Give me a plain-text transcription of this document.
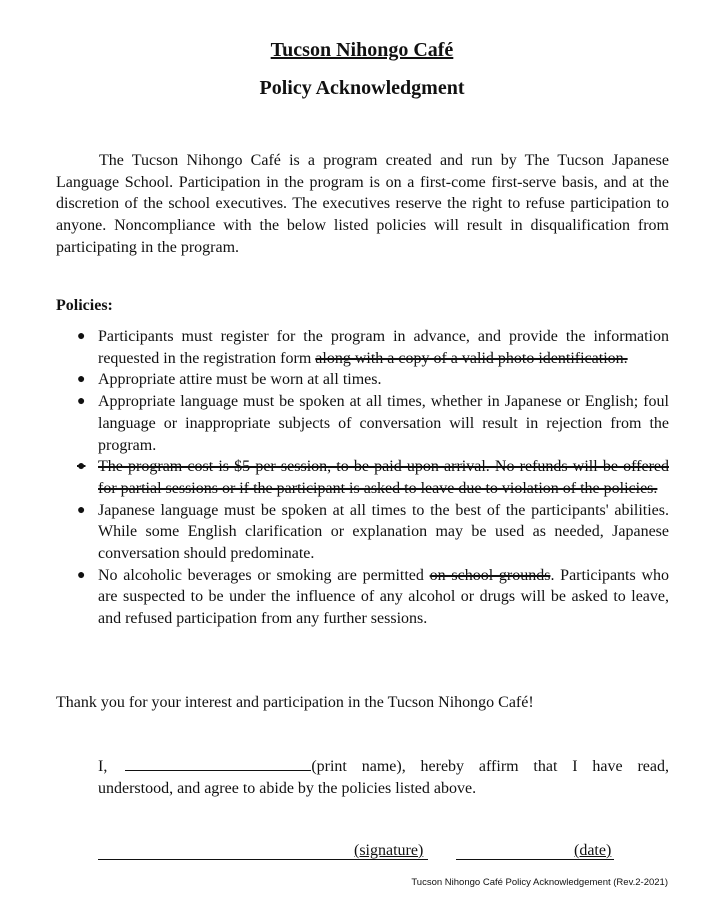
Tucson Nihongo Café
Policy Acknowledgment

The Tucson Nihongo Café is a program created and run by The Tucson Japanese Language School. Participation in the program is on a first-come first-serve basis, and at the discretion of the school executives. The executives reserve the right to refuse participation to anyone. Noncompliance with the below listed policies will result in disqualification from participating in the program.

Policies:

● Participants must register for the program in advance, and provide the information requested in the registration form along with a copy of a valid photo identification.
● Appropriate attire must be worn at all times.
● Appropriate language must be spoken at all times, whether in Japanese or English; foul language or inappropriate subjects of conversation will result in rejection from the program.
● The program cost is $5 per session, to be paid upon arrival. No refunds will be offered for partial sessions or if the participant is asked to leave due to violation of the policies.
● Japanese language must be spoken at all times to the best of the participants' abilities. While some English clarification or explanation may be used as needed, Japanese conversation should predominate.
● No alcoholic beverages or smoking are permitted on school grounds. Participants who are suspected to be under the influence of any alcohol or drugs will be asked to leave, and refused participation from any further sessions.

Thank you for your interest and participation in the Tucson Nihongo Café!

I,	(print name), hereby affirm that I have read, understood, and agree to abide by the policies listed above.

(signature)	(date)

Tucson Nihongo Café Policy Acknowledgement (Rev.2-2021)
